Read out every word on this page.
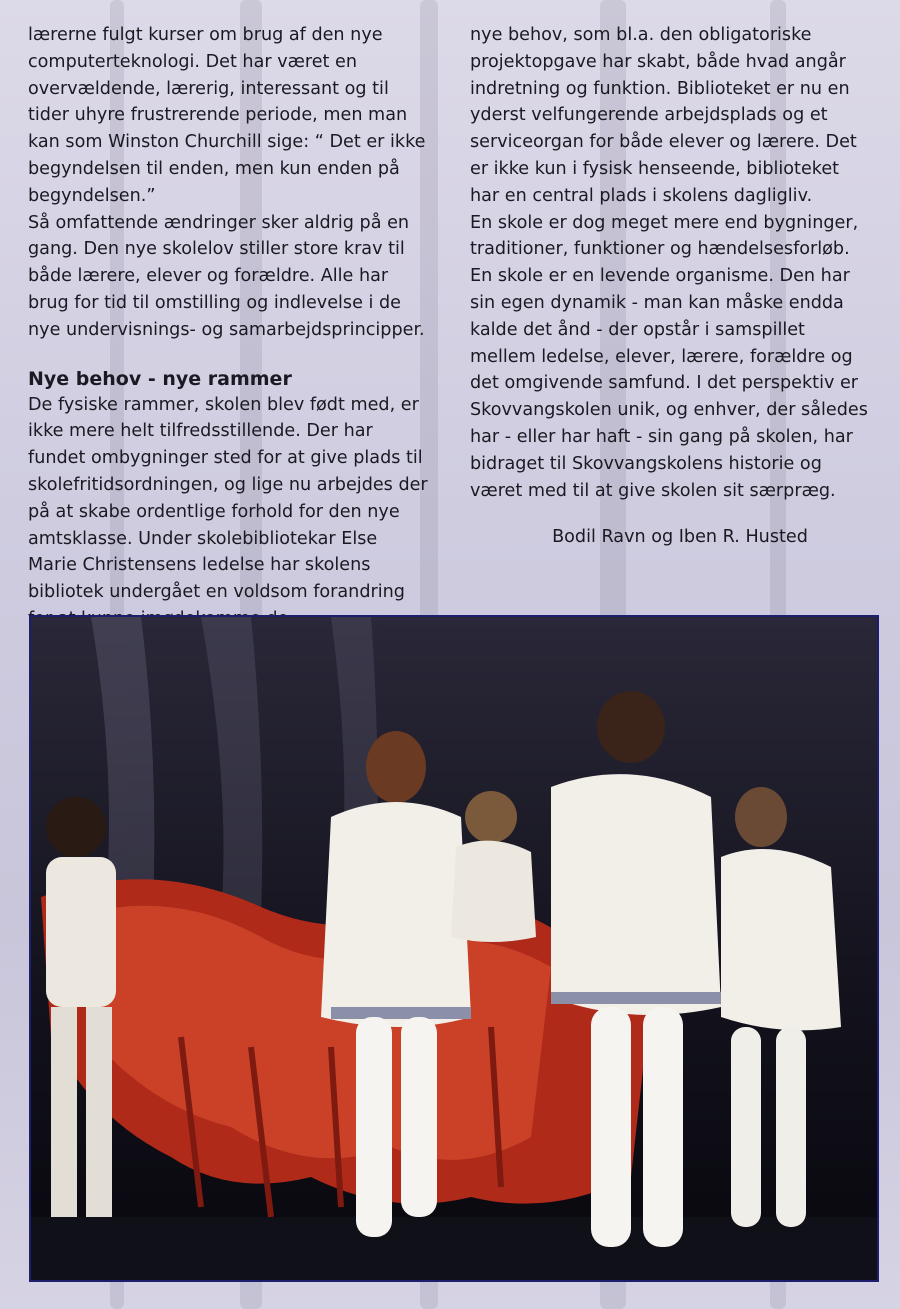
lærerne fulgt kurser om brug af den nye computerteknologi. Det har været en overvældende, lærerig, interessant og til tider uhyre frustrerende periode, men man kan som Winston Churchill sige: “ Det er ikke begyndelsen til enden, men kun enden på begyndelsen.”

Så omfattende ændringer sker aldrig på en gang. Den nye skolelov stiller store krav til både lærere, elever og forældre. Alle har brug for tid til omstilling og indlevelse i de nye undervisnings- og samarbejdsprincipper.

Nye behov - nye rammer

De fysiske rammer, skolen blev født med, er ikke mere helt tilfredsstillende. Der har fundet ombygninger sted for at give plads til skolefritidsordningen, og lige nu arbejdes der på at skabe ordentlige forhold for den nye amtsklasse. Under skolebibliotekar Else Marie Christensens ledelse har skolens bibliotek undergået en voldsom forandring

nye behov, som bl.a. den obligatoriske projektopgave har skabt, både hvad angår indretning og funktion. Biblioteket er nu en yderst velfungerende arbejdsplads og et serviceorgan for både elever og lærere. Det er ikke kun i fysisk henseende, biblioteket har en central plads i skolens dagligliv.

En skole er dog meget mere end bygninger, traditioner, funktioner og hændelsesforløb. En skole er en levende organisme. Den har sin egen dynamik - man kan måske endda kalde det ånd - der opstår i samspillet mellem ledelse, elever, lærere, forældre og det omgivende samfund. I det perspektiv er Skovvangskolen unik, og enhver, der således har - eller har haft - sin gang på skolen, har bidraget til Skovvangskolens historie og været med til at give skolen sit særpræg.

Bodil Ravn og Iben R. Husted
